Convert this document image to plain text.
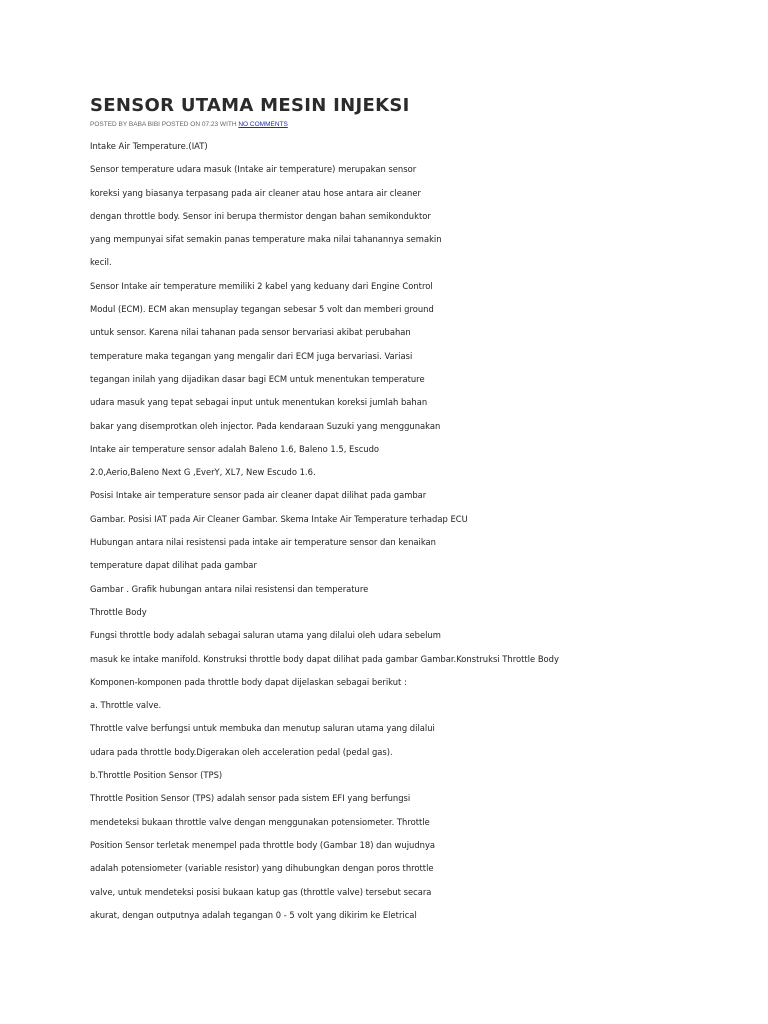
SENSOR UTAMA MESIN INJEKSI
POSTED BY BABA BIBI POSTED ON 07.23 WITH NO COMMENTS
Intake Air Temperature.(IAT)
Sensor temperature udara masuk (Intake air temperature) merupakan sensor
koreksi yang biasanya terpasang pada air cleaner atau hose antara air cleaner
dengan throttle body. Sensor ini berupa thermistor dengan bahan semikonduktor
yang mempunyai sifat semakin panas temperature maka nilai tahanannya semakin
kecil.
Sensor Intake air temperature memiliki 2 kabel yang keduany dari Engine Control
Modul (ECM). ECM akan mensuplay tegangan sebesar 5 volt dan memberi ground
untuk sensor. Karena nilai tahanan pada sensor bervariasi akibat perubahan
temperature maka tegangan yang mengalir dari ECM juga bervariasi. Variasi
tegangan inilah yang dijadikan dasar bagi ECM untuk menentukan temperature
udara masuk yang tepat sebagai input untuk menentukan koreksi jumlah bahan
bakar yang disemprotkan oleh injector. Pada kendaraan Suzuki yang menggunakan
Intake air temperature sensor adalah Baleno 1.6, Baleno 1.5, Escudo
2.0,Aerio,Baleno Next G ,EverY, XL7, New Escudo 1.6.
Posisi Intake air temperature sensor pada air cleaner dapat dilihat pada gambar
Gambar. Posisi IAT pada Air Cleaner Gambar. Skema Intake Air Temperature terhadap ECU
Hubungan antara nilai resistensi pada intake air temperature sensor dan kenaikan
temperature dapat dilihat pada gambar
Gambar . Grafik hubungan antara nilai resistensi dan temperature
Throttle Body
Fungsi throttle body adalah sebagai saluran utama yang dilalui oleh udara sebelum
masuk ke intake manifold. Konstruksi throttle body dapat dilihat pada gambar Gambar.Konstruksi Throttle Body
Komponen-komponen pada throttle body dapat dijelaskan sebagai berikut :
a. Throttle valve.
Throttle valve berfungsi untuk membuka dan menutup saluran utama yang dilalui
udara pada throttle body.Digerakan oleh acceleration pedal (pedal gas).
b.Throttle Position Sensor (TPS)
Throttle Position Sensor (TPS) adalah sensor pada sistem EFI yang berfungsi
mendeteksi bukaan throttle valve dengan menggunakan potensiometer. Throttle
Position Sensor terletak menempel pada throttle body (Gambar 18) dan wujudnya
adalah potensiometer (variable resistor) yang dihubungkan dengan poros throttle
valve, untuk mendeteksi posisi bukaan katup gas (throttle valve) tersebut secara
akurat, dengan outputnya adalah tegangan 0 - 5 volt yang dikirim ke Eletrical
